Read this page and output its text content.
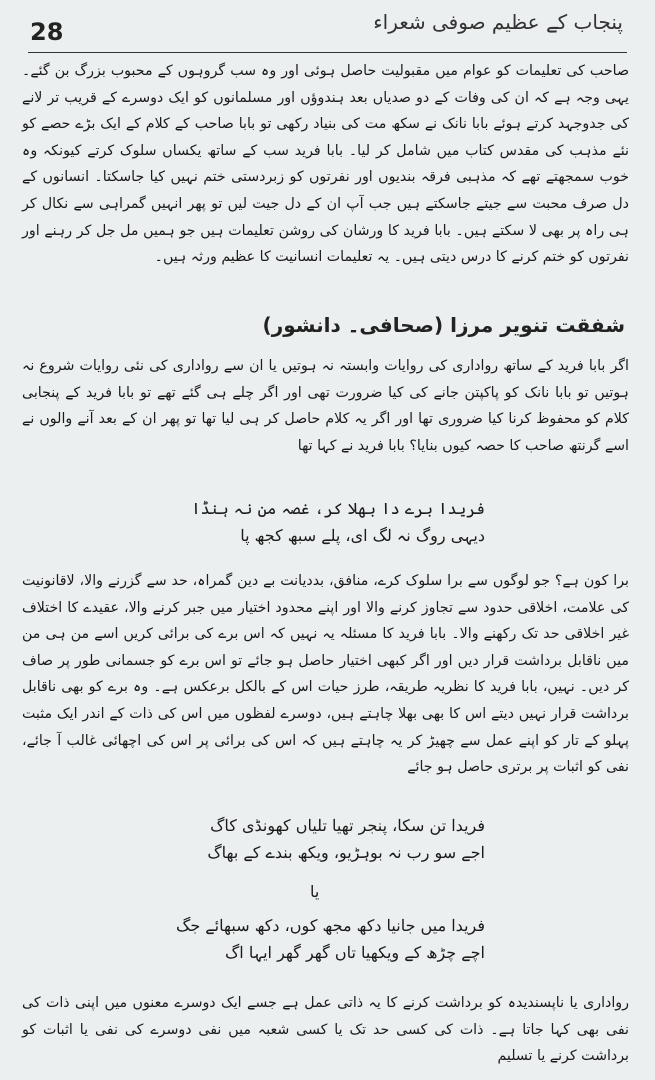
28	پنجاب کے عظیم صوفی شعراء

صاحب کی تعلیمات کو عوام میں مقبولیت حاصل ہوئی اور وہ سب گروہوں کے محبوب بزرگ بن گئے۔ یہی وجہ ہے کہ ان کی وفات کے دو صدیاں بعد ہندوؤں اور مسلمانوں کو ایک دوسرے کے قریب تر لانے کی جدوجہد کرتے ہوئے بابا نانک نے سکھ مت کی بنیاد رکھی تو بابا صاحب کے کلام کے ایک بڑے حصے کو نئے مذہب کی مقدس کتاب میں شامل کر لیا۔ بابا فرید سب کے ساتھ یکساں سلوک کرتے کیونکہ وہ خوب سمجھتے تھے کہ مذہبی فرقہ بندیوں اور نفرتوں کو زبردستی ختم نہیں کیا جاسکتا۔ انسانوں کے دل صرف محبت سے جیتے جاسکتے ہیں جب آپ ان کے دل جیت لیں تو پھر انہیں گمراہی سے نکال کر ہی راہ پر بھی لا سکتے ہیں۔ بابا فرید کا ورشان کی روشن تعلیمات ہیں جو ہمیں مل جل کر رہنے اور نفرتوں کو ختم کرنے کا درس دیتی ہیں۔ یہ تعلیمات انسانیت کا عظیم ورثہ ہیں۔

شفقت تنویر مرزا (صحافی۔ دانشور)

اگر بابا فرید کے ساتھ رواداری کی روایات وابستہ نہ ہوتیں یا ان سے رواداری کی نئی روایات شروع نہ ہوتیں تو بابا نانک کو پاکپتن جانے کی کیا ضرورت تھی اور اگر چلے ہی گئے تھے تو بابا فرید کے پنجابی کلام کو محفوظ کرنا کیا ضروری تھا اور اگر یہ کلام حاصل کر ہی لیا تھا تو پھر ان کے بعد آنے والوں نے اسے گرنتھ صاحب کا حصہ کیوں بنایا؟ بابا فرید نے کہا تھا

فریدا برے دا بھلا کر، غصہ من نہ ہنڈا
دیہی روگ نہ لگ ای، پلے سبھ کجھ پا

برا کون ہے؟ جو لوگوں سے برا سلوک کرے، منافق، بددیانت بے دین گمراہ، حد سے گزرنے والا، لاقانونیت کی علامت، اخلاقی حدود سے تجاوز کرنے والا اور اپنے محدود اختیار میں جبر کرنے والا، عقیدے کا اختلاف غیر اخلاقی حد تک رکھنے والا۔ بابا فرید کا مسئلہ یہ نہیں کہ اس برے کی برائی کریں اسے من ہی من میں ناقابل برداشت قرار دیں اور اگر کبھی اختیار حاصل ہو جائے تو اس برے کو جسمانی طور پر صاف کر دیں۔ نہیں، بابا فرید کا نظریہ طریقہ، طرز حیات اس کے بالکل برعکس ہے۔ وہ برے کو بھی ناقابل برداشت قرار نہیں دیتے اس کا بھی بھلا چاہتے ہیں، دوسرے لفظوں میں اس کی ذات کے اندر ایک مثبت پہلو کے تار کو اپنے عمل سے چھیڑ کر یہ چاہتے ہیں کہ اس کی برائی پر اس کی اچھائی غالب آ جائے، نفی کو اثبات پر برتری حاصل ہو جائے

فریدا تن سکا، پنجر تھیا تلیاں کھونڈی کاگ
اجے سو رب نہ بوہڑیو، ویکھ بندے کے بھاگ
یا
فریدا میں جانیا دکھ مجھ کوں، دکھ سبھائے جگ
اچے چڑھ کے ویکھیا تاں گھر گھر ایہا اگ

رواداری یا ناپسندیدہ کو برداشت کرنے کا یہ ذاتی عمل ہے جسے ایک دوسرے معنوں میں اپنی ذات کی نفی بھی کہا جاتا ہے۔ ذات کی کسی حد تک یا کسی شعبہ میں نفی دوسرے کی نفی یا اثبات کو برداشت کرنے یا تسلیم
